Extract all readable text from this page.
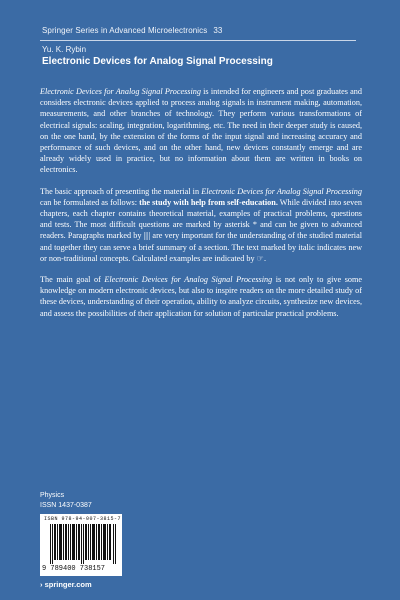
Springer Series in Advanced Microelectronics 33
Yu. K. Rybin
Electronic Devices for Analog Signal Processing

Electronic Devices for Analog Signal Processing is intended for engineers and post graduates and considers electronic devices applied to process analog signals in instrument making, automation, measurements, and other branches of technology. They perform various transformations of electrical signals: scaling, integration, logarithming, etc. The need in their deeper study is caused, on the one hand, by the extension of the forms of the input signal and increasing accuracy and performance of such devices, and on the other hand, new devices constantly emerge and are already widely used in practice, but no information about them are written in books on electronics.

The basic approach of presenting the material in Electronic Devices for Analog Signal Processing can be formulated as follows: the study with help from self-education. While divided into seven chapters, each chapter contains theoretical material, examples of practical problems, questions and tests. The most difficult questions are marked by asterisk * and can be given to advanced readers. Paragraphs marked by |||| are very important for the understanding of the studied material and together they can serve a brief summary of a section. The text marked by italic indicates new or non-traditional concepts. Calculated examples are indicated by ☞.

The main goal of Electronic Devices for Analog Signal Processing is not only to give some knowledge on modern electronic devices, but also to inspire readers on the more detailed study of these devices, understanding of their operation, ability to analyze circuits, synthesize new devices, and assess the possibilities of their application for solution of particular practical problems.

Physics
ISSN 1437-0387
ISBN 978-94-007-3815-7
9 789400 738157
› springer.com
